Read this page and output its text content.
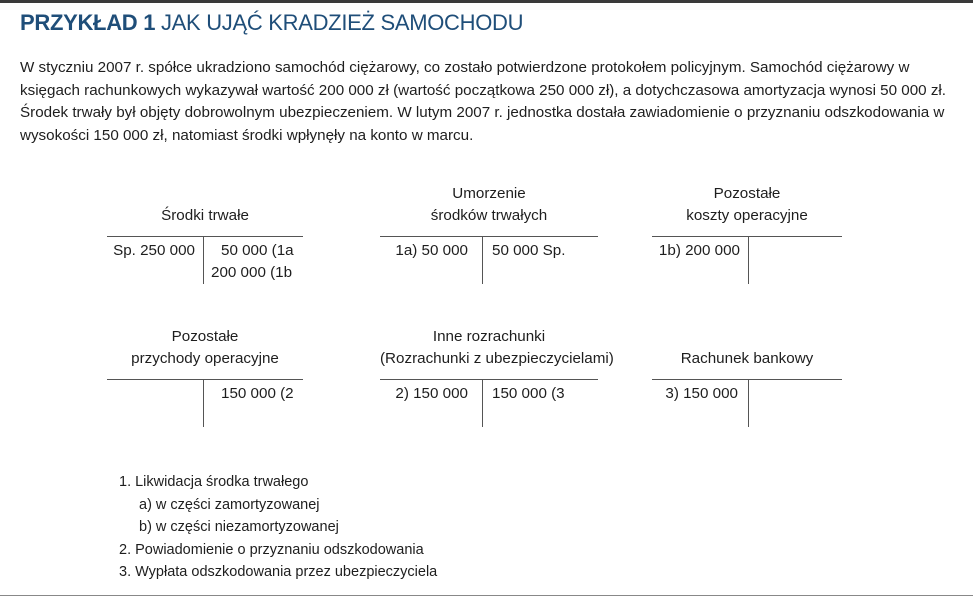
PRZYKŁAD 1 JAK UJĄĆ KRADZIEŻ SAMOCHODU
W styczniu 2007 r. spółce ukradziono samochód ciężarowy, co zostało potwierdzone protokołem policyjnym. Samochód ciężarowy w księgach rachunkowych wykazywał wartość 200 000 zł (wartość początkowa 250 000 zł), a dotychczasowa amortyzacja wynosi 50 000 zł. Środek trwały był objęty dobrowolnym ubezpieczeniem. W lutym 2007 r. jednostka dostała zawiadomienie o przyznaniu odszkodowania w wysokości 150 000 zł, natomiast środki wpłynęły na konto w marcu.
Środki trwałe
Sp. 250 000	50 000 (1a
200 000 (1b
Umorzenie
środków trwałych
1a) 50 000 50 000 Sp.
Pozostałe
koszty operacyjne
1b) 200 000
Pozostałe
przychody operacyjne
150 000 (2
Inne rozrachunki
(Rozrachunki z ubezpieczycielami)
2) 150 000 150 000 (3
Rachunek bankowy
3) 150 000
1. Likwidacja środka trwałego
a) w części zamortyzowanej
b) w części niezamortyzowanej
2. Powiadomienie o przyznaniu odszkodowania
3. Wypłata odszkodowania przez ubezpieczyciela
